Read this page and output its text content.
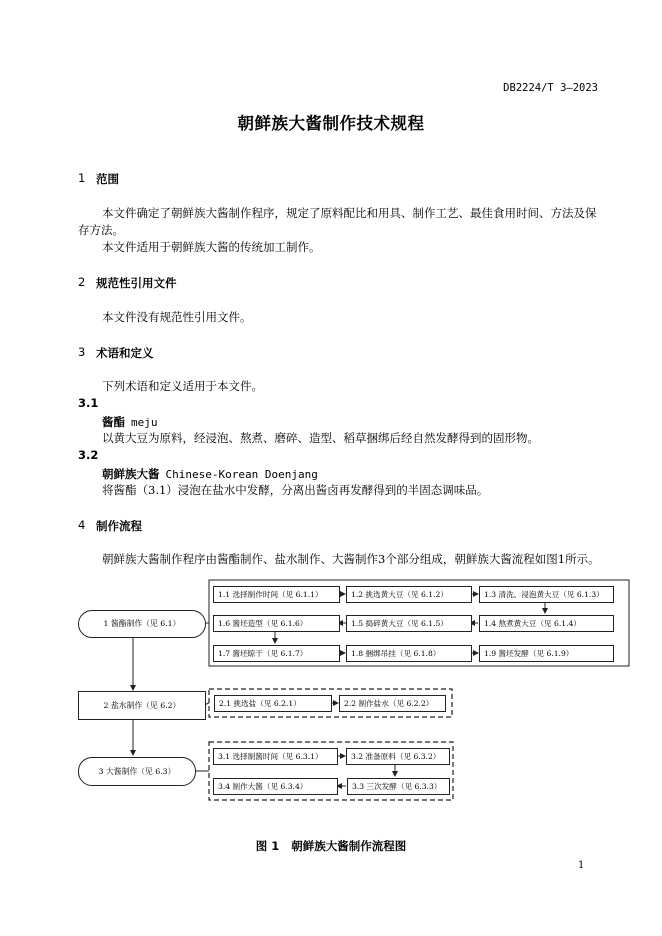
DB2224/T 3—2023
朝鲜族大酱制作技术规程
1 范围
本文件确定了朝鲜族大酱制作程序，规定了原料配比和用具、制作工艺、最佳食用时间、方法及保
存方法。
本文件适用于朝鲜族大酱的传统加工制作。
2 规范性引用文件
本文件没有规范性引用文件。
3 术语和定义
下列术语和定义适用于本文件。
3.1
酱酯 meju
以黄大豆为原料，经浸泡、熬煮、磨碎、造型、稻草捆绑后经自然发酵得到的固形物。
3.2
朝鲜族大酱 Chinese-Korean Doenjang
将酱酯（3.1）浸泡在盐水中发酵，分离出酱卤再发酵得到的半固态调味品。
4 制作流程
朝鲜族大酱制作程序由酱酯制作、盐水制作、大酱制作3个部分组成，朝鲜族大酱流程如图1所示。
1 酱酯制作（见 6.1）
2 盐水制作（见 6.2）
3 大酱制作（见 6.3）
1.1 选择制作时间（见 6.1.1）	1.2 挑选黄大豆（见 6.1.2）	1.3 清洗、浸泡黄大豆（见 6.1.3）
1.6 酱坯造型（见 6.1.6）	1.5 捣碎黄大豆（见 6.1.5）	1.4 熬煮黄大豆（见 6.1.4）
1.7 酱坯晾干（见 6.1.7）	1.8 捆绑吊挂（见 6.1.8）	1.9 酱坯发酵（见 6.1.9）
2.1 挑选盐（见 6.2.1）	2.2 制作盐水（见 6.2.2）
3.1 选择制酱时间（见 6.3.1）	3.2 准备原料（见 6.3.2）
3.4 制作大酱（见 6.3.4）	3.3 三次发酵（见 6.3.3）
图 1   朝鲜族大酱制作流程图
1
